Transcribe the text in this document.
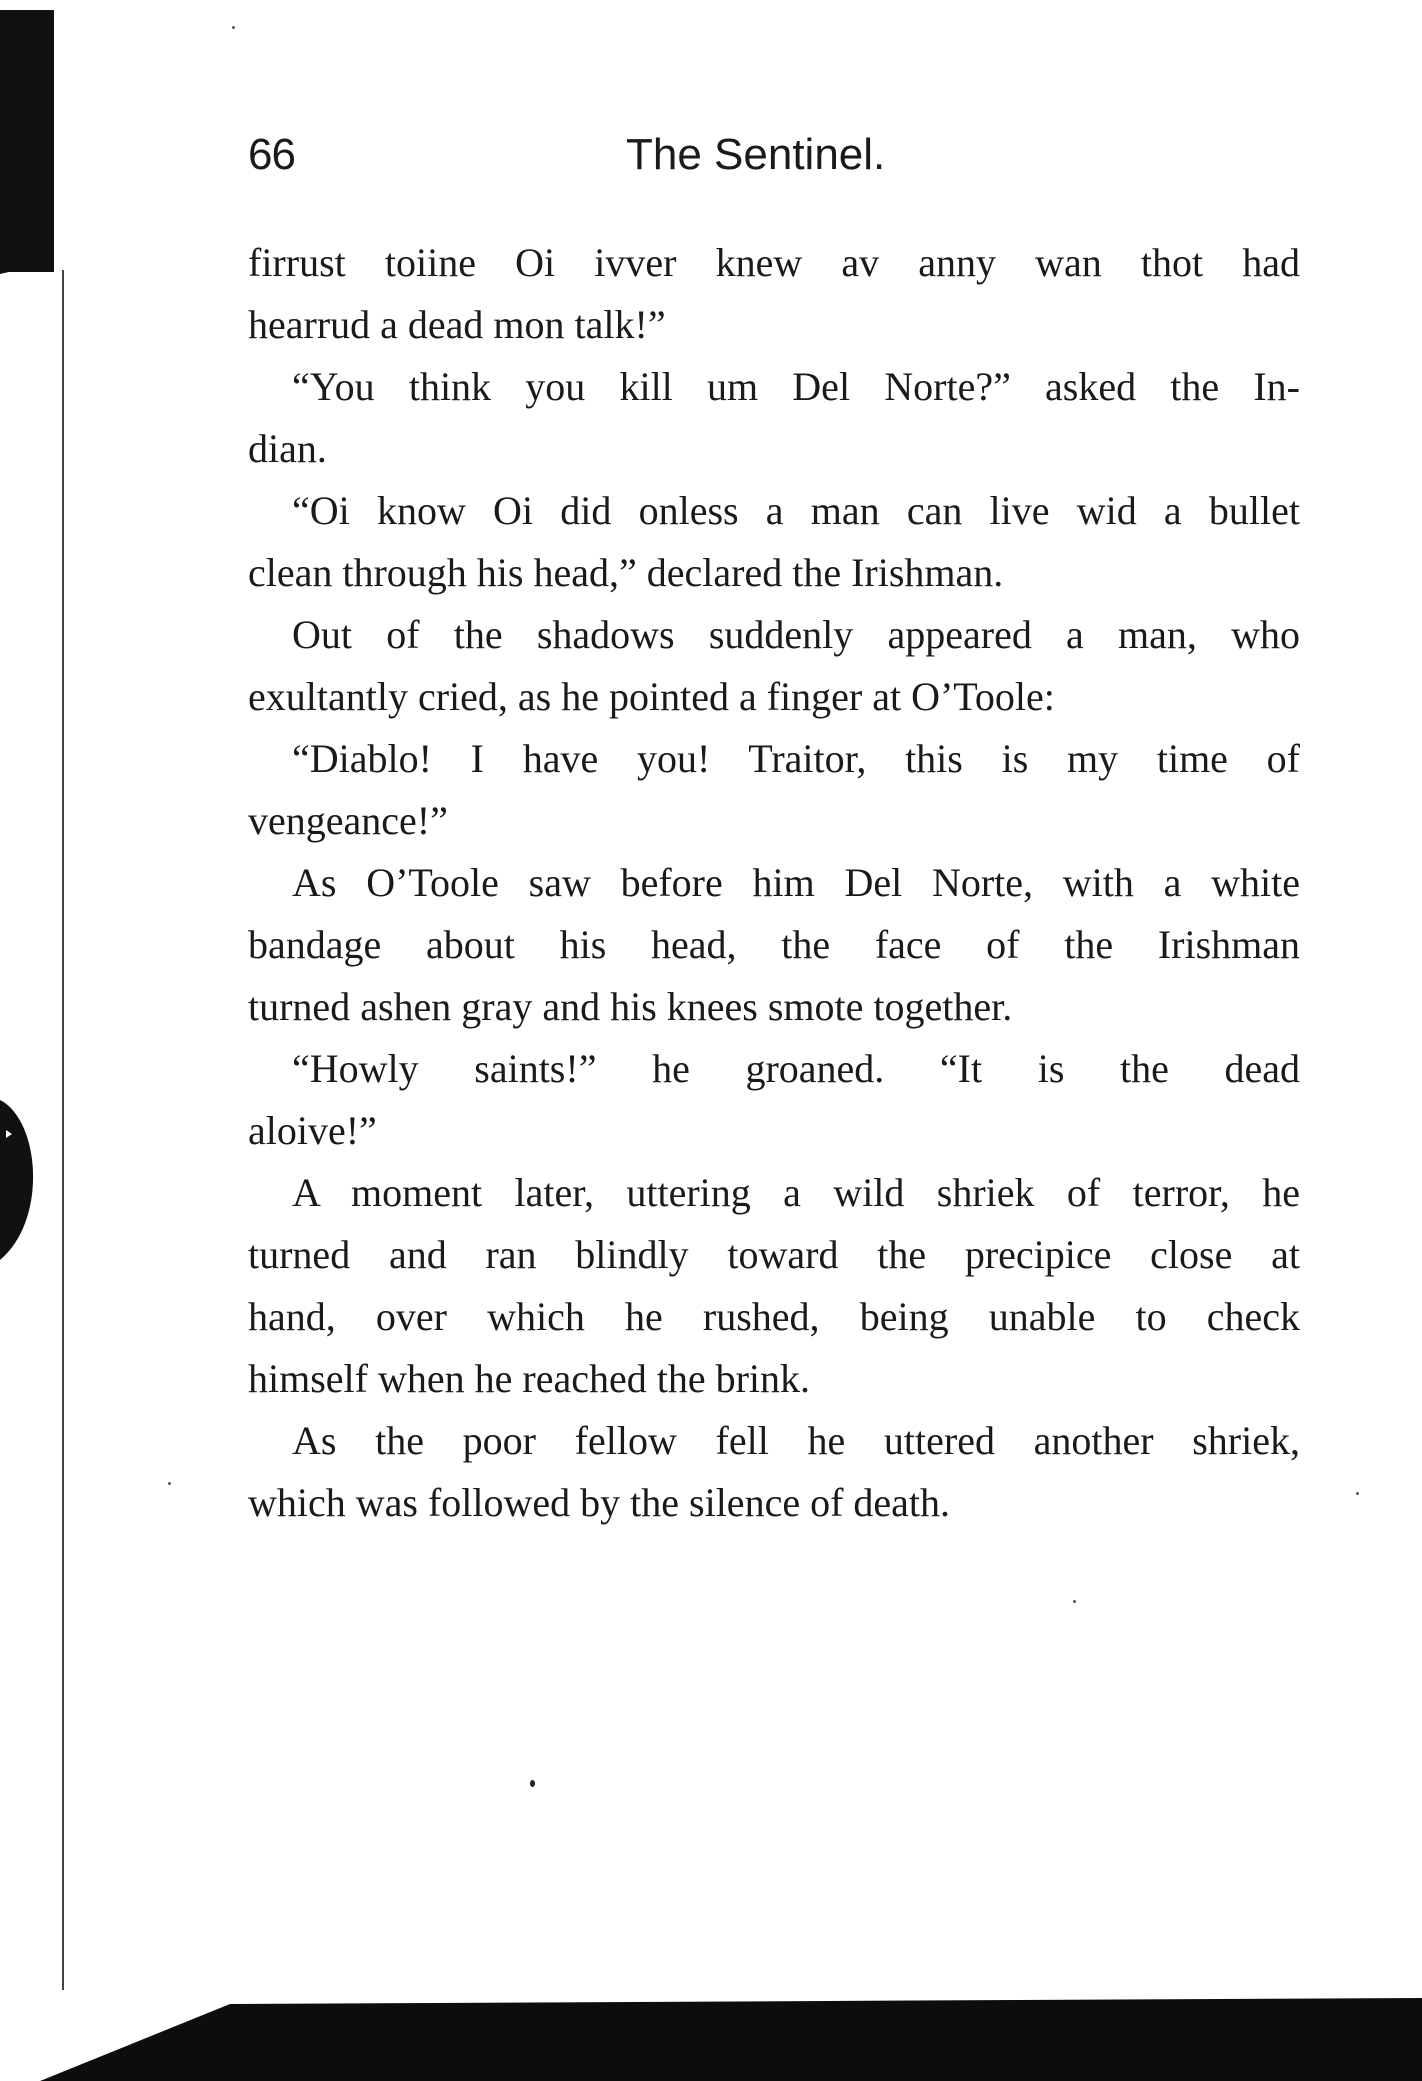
66	The Sentinel.
firrust toiine Oi ivver knew av anny wan thot had
hearrud a dead mon talk!”
“You think you kill um Del Norte?” asked the In-
dian.
“Oi know Oi did onless a man can live wid a bullet
clean through his head,” declared the Irishman.
Out of the shadows suddenly appeared a man, who
exultantly cried, as he pointed a finger at O’Toole:
“Diablo! I have you! Traitor, this is my time of
vengeance!”
As O’Toole saw before him Del Norte, with a white
bandage about his head, the face of the Irishman
turned ashen gray and his knees smote together.
“Howly saints!” he groaned. “It is the dead
aloive!”
A moment later, uttering a wild shriek of terror, he
turned and ran blindly toward the precipice close at
hand, over which he rushed, being unable to check
himself when he reached the brink.
As the poor fellow fell he uttered another shriek,
which was followed by the silence of death.
